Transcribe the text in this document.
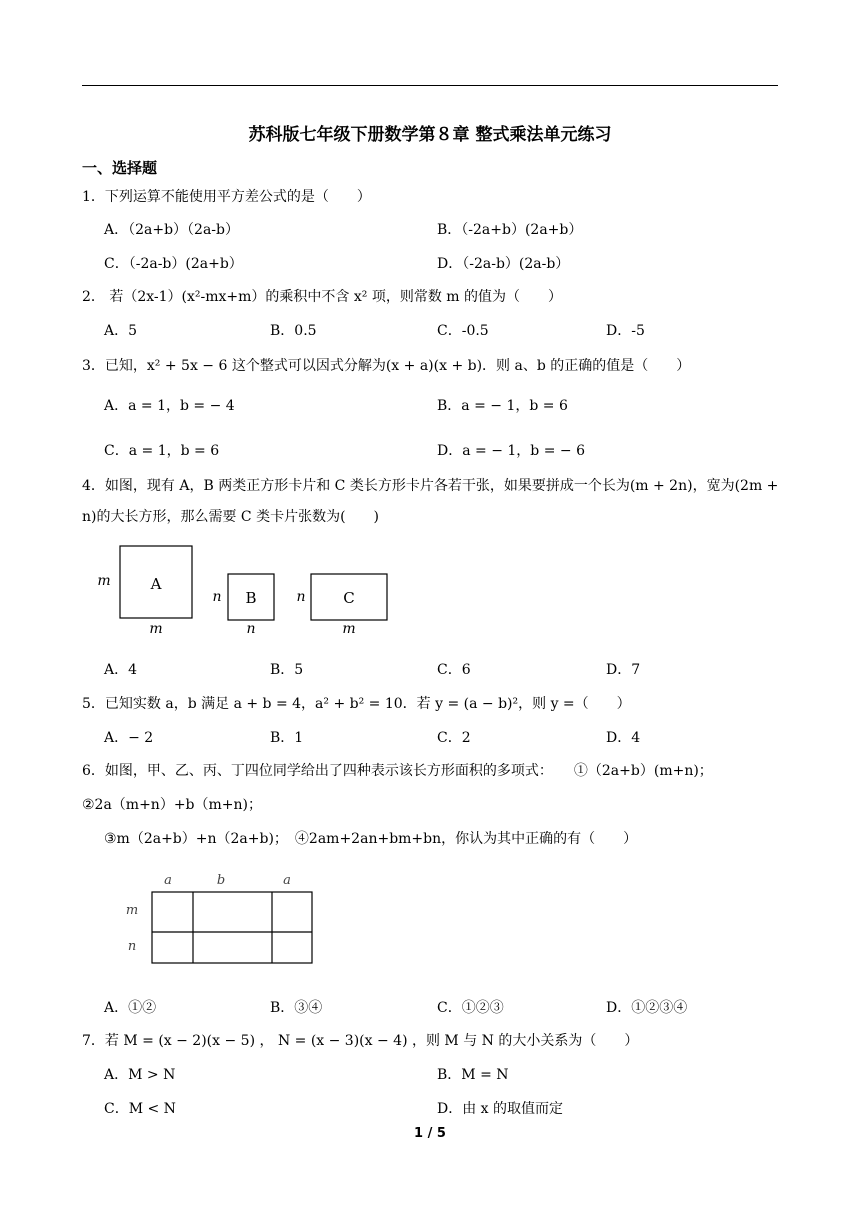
苏科版七年级下册数学第８章 整式乘法单元练习
一、选择题
1．下列运算不能使用平方差公式的是（　　）
A．（2a+b）（2a-b）	B．（-2a+b）(2a+b）
C．（-2a-b）(2a+b）	D．（-2a-b）(2a-b）
2． 若（2x-1）(x²-mx+m）的乘积中不含 x² 项，则常数 m 的值为（　　）
A．5	B．0.5	C．-0.5	D．-5
3．已知，x² + 5x − 6 这个整式可以因式分解为(x + a)(x + b)．则 a、b 的正确的值是（　　）
A．a = 1，b = − 4	B．a = − 1，b = 6
C．a = 1，b = 6	D．a = − 1，b = − 6
4．如图，现有 A，B 两类正方形卡片和 C 类长方形卡片各若干张，如果要拼成一个长为(m + 2n)，宽为(2m + n)的大长方形，那么需要 C 类卡片张数为(　　)
A
m
m
B
n
n
C
n
m
A．4	B．5	C．6	D．7
5．已知实数 a，b 满足 a + b = 4，a² + b² = 10．若 y = (a − b)²，则 y =（　　）
A．− 2	B．1	C．2	D．4
6．如图，甲、乙、丙、丁四位同学给出了四种表示该长方形面积的多项式：　　①（2a+b）(m+n)；
②2a（m+n）+b（m+n)；
③m（2a+b）+n（2a+b)；　④2am+2an+bm+bn，你认为其中正确的有（　　）
a	b	a
m
n
A．①②	B．③④	C．①②③	D．①②③④
7．若 M = (x − 2)(x − 5) ， N = (x − 3)(x − 4) ，则 M 与 N 的大小关系为（　　）
A．M > N	B．M = N
C．M < N	D．由 x 的取值而定
1 / 5
